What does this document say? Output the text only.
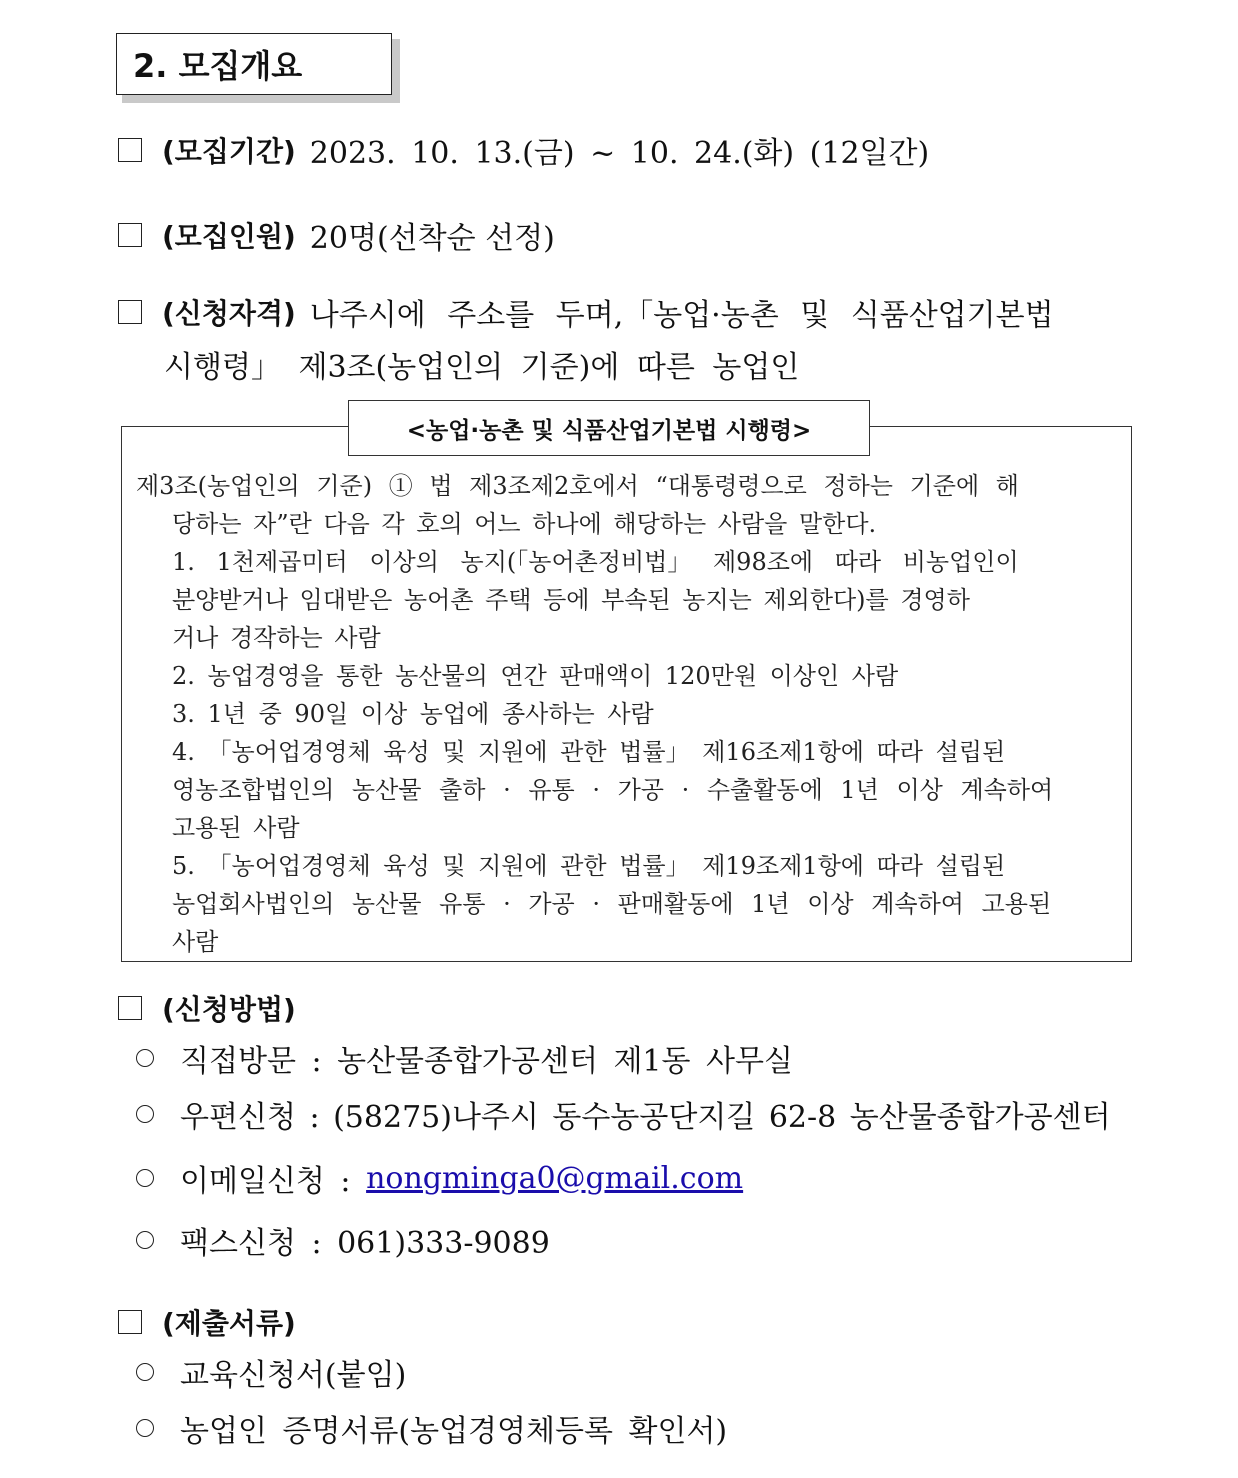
2. 모집개요
(모집기간) 2023. 10. 13.(금) ~ 10. 24.(화) (12일간)
(모집인원) 20명(선착순 선정)
(신청자격) 나주시에 주소를 두며,「농업·농촌 및 식품산업기본법
시행령」 제3조(농업인의 기준)에 따른 농업인
<농업·농촌 및 식품산업기본법 시행령>
제3조(농업인의 기준) ① 법 제3조제2호에서 “대통령령으로 정하는 기준에 해
당하는 자”란 다음 각 호의 어느 하나에 해당하는 사람을 말한다.
1. 1천제곱미터 이상의 농지(「농어촌정비법」 제98조에 따라 비농업인이
분양받거나 임대받은 농어촌 주택 등에 부속된 농지는 제외한다)를 경영하
거나 경작하는 사람
2. 농업경영을 통한 농산물의 연간 판매액이 120만원 이상인 사람
3. 1년 중 90일 이상 농업에 종사하는 사람
4. 「농어업경영체 육성 및 지원에 관한 법률」 제16조제1항에 따라 설립된
영농조합법인의 농산물 출하 · 유통 · 가공 · 수출활동에 1년 이상 계속하여
고용된 사람
5. 「농어업경영체 육성 및 지원에 관한 법률」 제19조제1항에 따라 설립된
농업회사법인의 농산물 유통 · 가공 · 판매활동에 1년 이상 계속하여 고용된
사람
(신청방법)
직접방문 : 농산물종합가공센터 제1동 사무실
우편신청 : (58275)나주시 동수농공단지길 62-8 농산물종합가공센터
이메일신청 : nongminga0@gmail.com
팩스신청 : 061)333-9089
(제출서류)
교육신청서(붙임)
농업인 증명서류(농업경영체등록 확인서)
